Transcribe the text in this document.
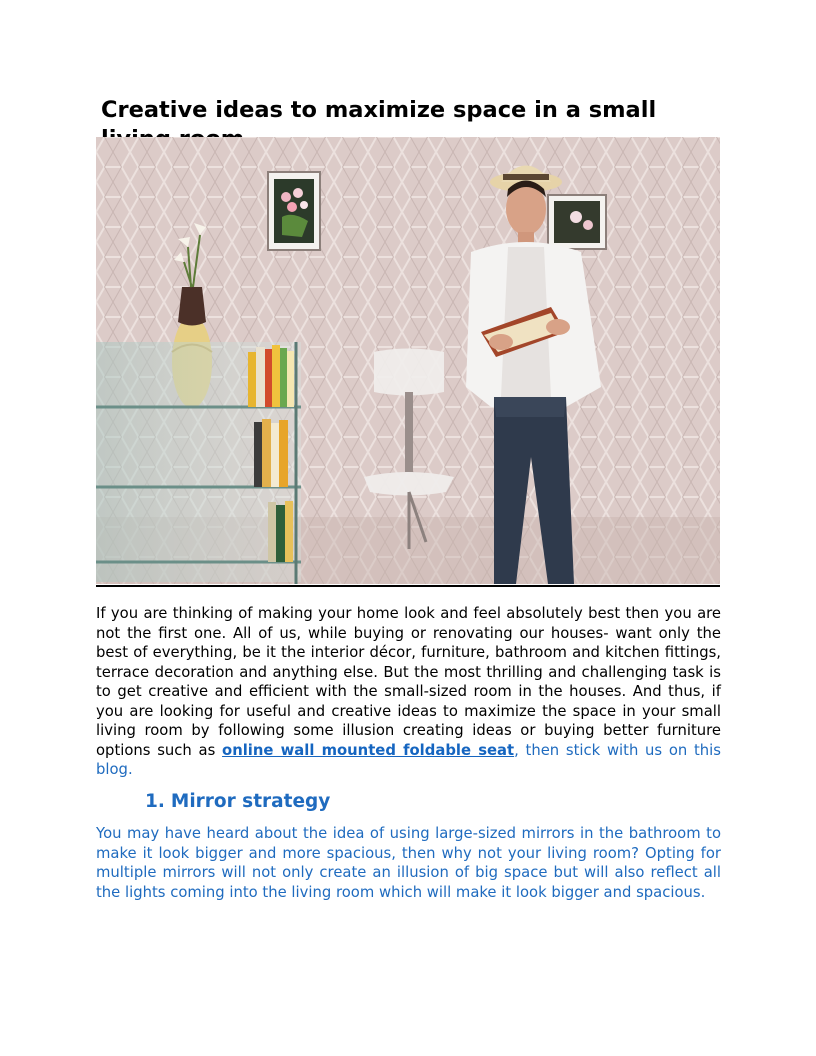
Creative ideas to maximize space in a small

If you are thinking of making your home look and feel absolutely best then you are not the first one. All of us, while buying or renovating our houses- want only the best of everything, be it the interior décor, furniture, bathroom and kitchen fittings, terrace decoration and anything else. But the most thrilling and challenging task is to get creative and efficient with the small-sized room in the houses. And thus, if you are looking for useful and creative ideas to maximize the space in your small living room by following some illusion creating ideas or buying better furniture options such as online wall mounted foldable seat, then stick with us on this blog.

1. Mirror strategy

You may have heard about the idea of using large-sized mirrors in the bathroom to make it look bigger and more spacious, then why not your living room? Opting for multiple mirrors will not only create an illusion of big space but will also reflect all the lights coming into the living room which will make it look bigger and spacious.
